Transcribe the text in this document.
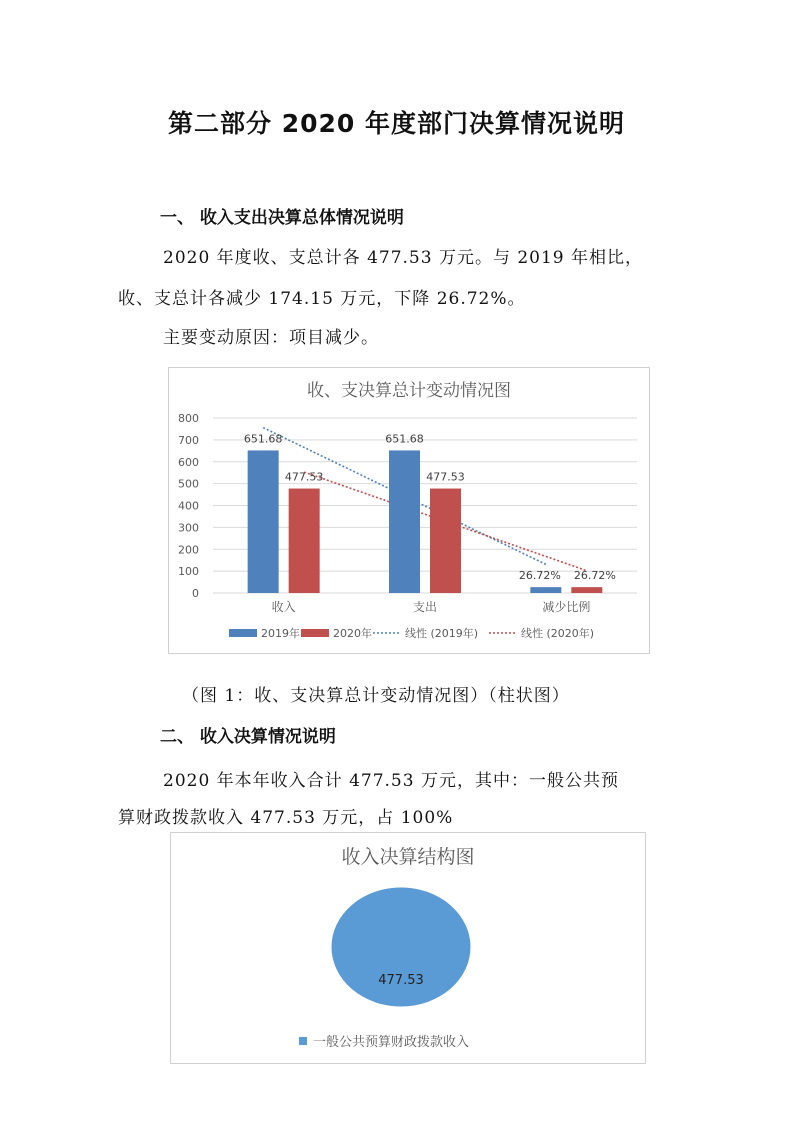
第二部分 2020 年度部门决算情况说明
一、 收入支出决算总体情况说明
2020 年度收、支总计各 477.53 万元。与 2019 年相比，
收、支总计各减少 174.15 万元，下降 26.72%。
主要变动原因：项目减少。
收、支决算总计变动情况图
0
100
200
300
400
500
600
700
800
收入
651.68
477.53
支出
651.68
477.53
减少比例
26.72% 26.72%
2019年	2020年	线性 (2019年)	线性 (2020年)
（图 1：收、支决算总计变动情况图）（柱状图）
二、 收入决算情况说明
2020 年本年收入合计 477.53 万元，其中：一般公共预
算财政拨款收入 477.53 万元，占 100%
收入决算结构图
477.53
一般公共预算财政拨款收入
